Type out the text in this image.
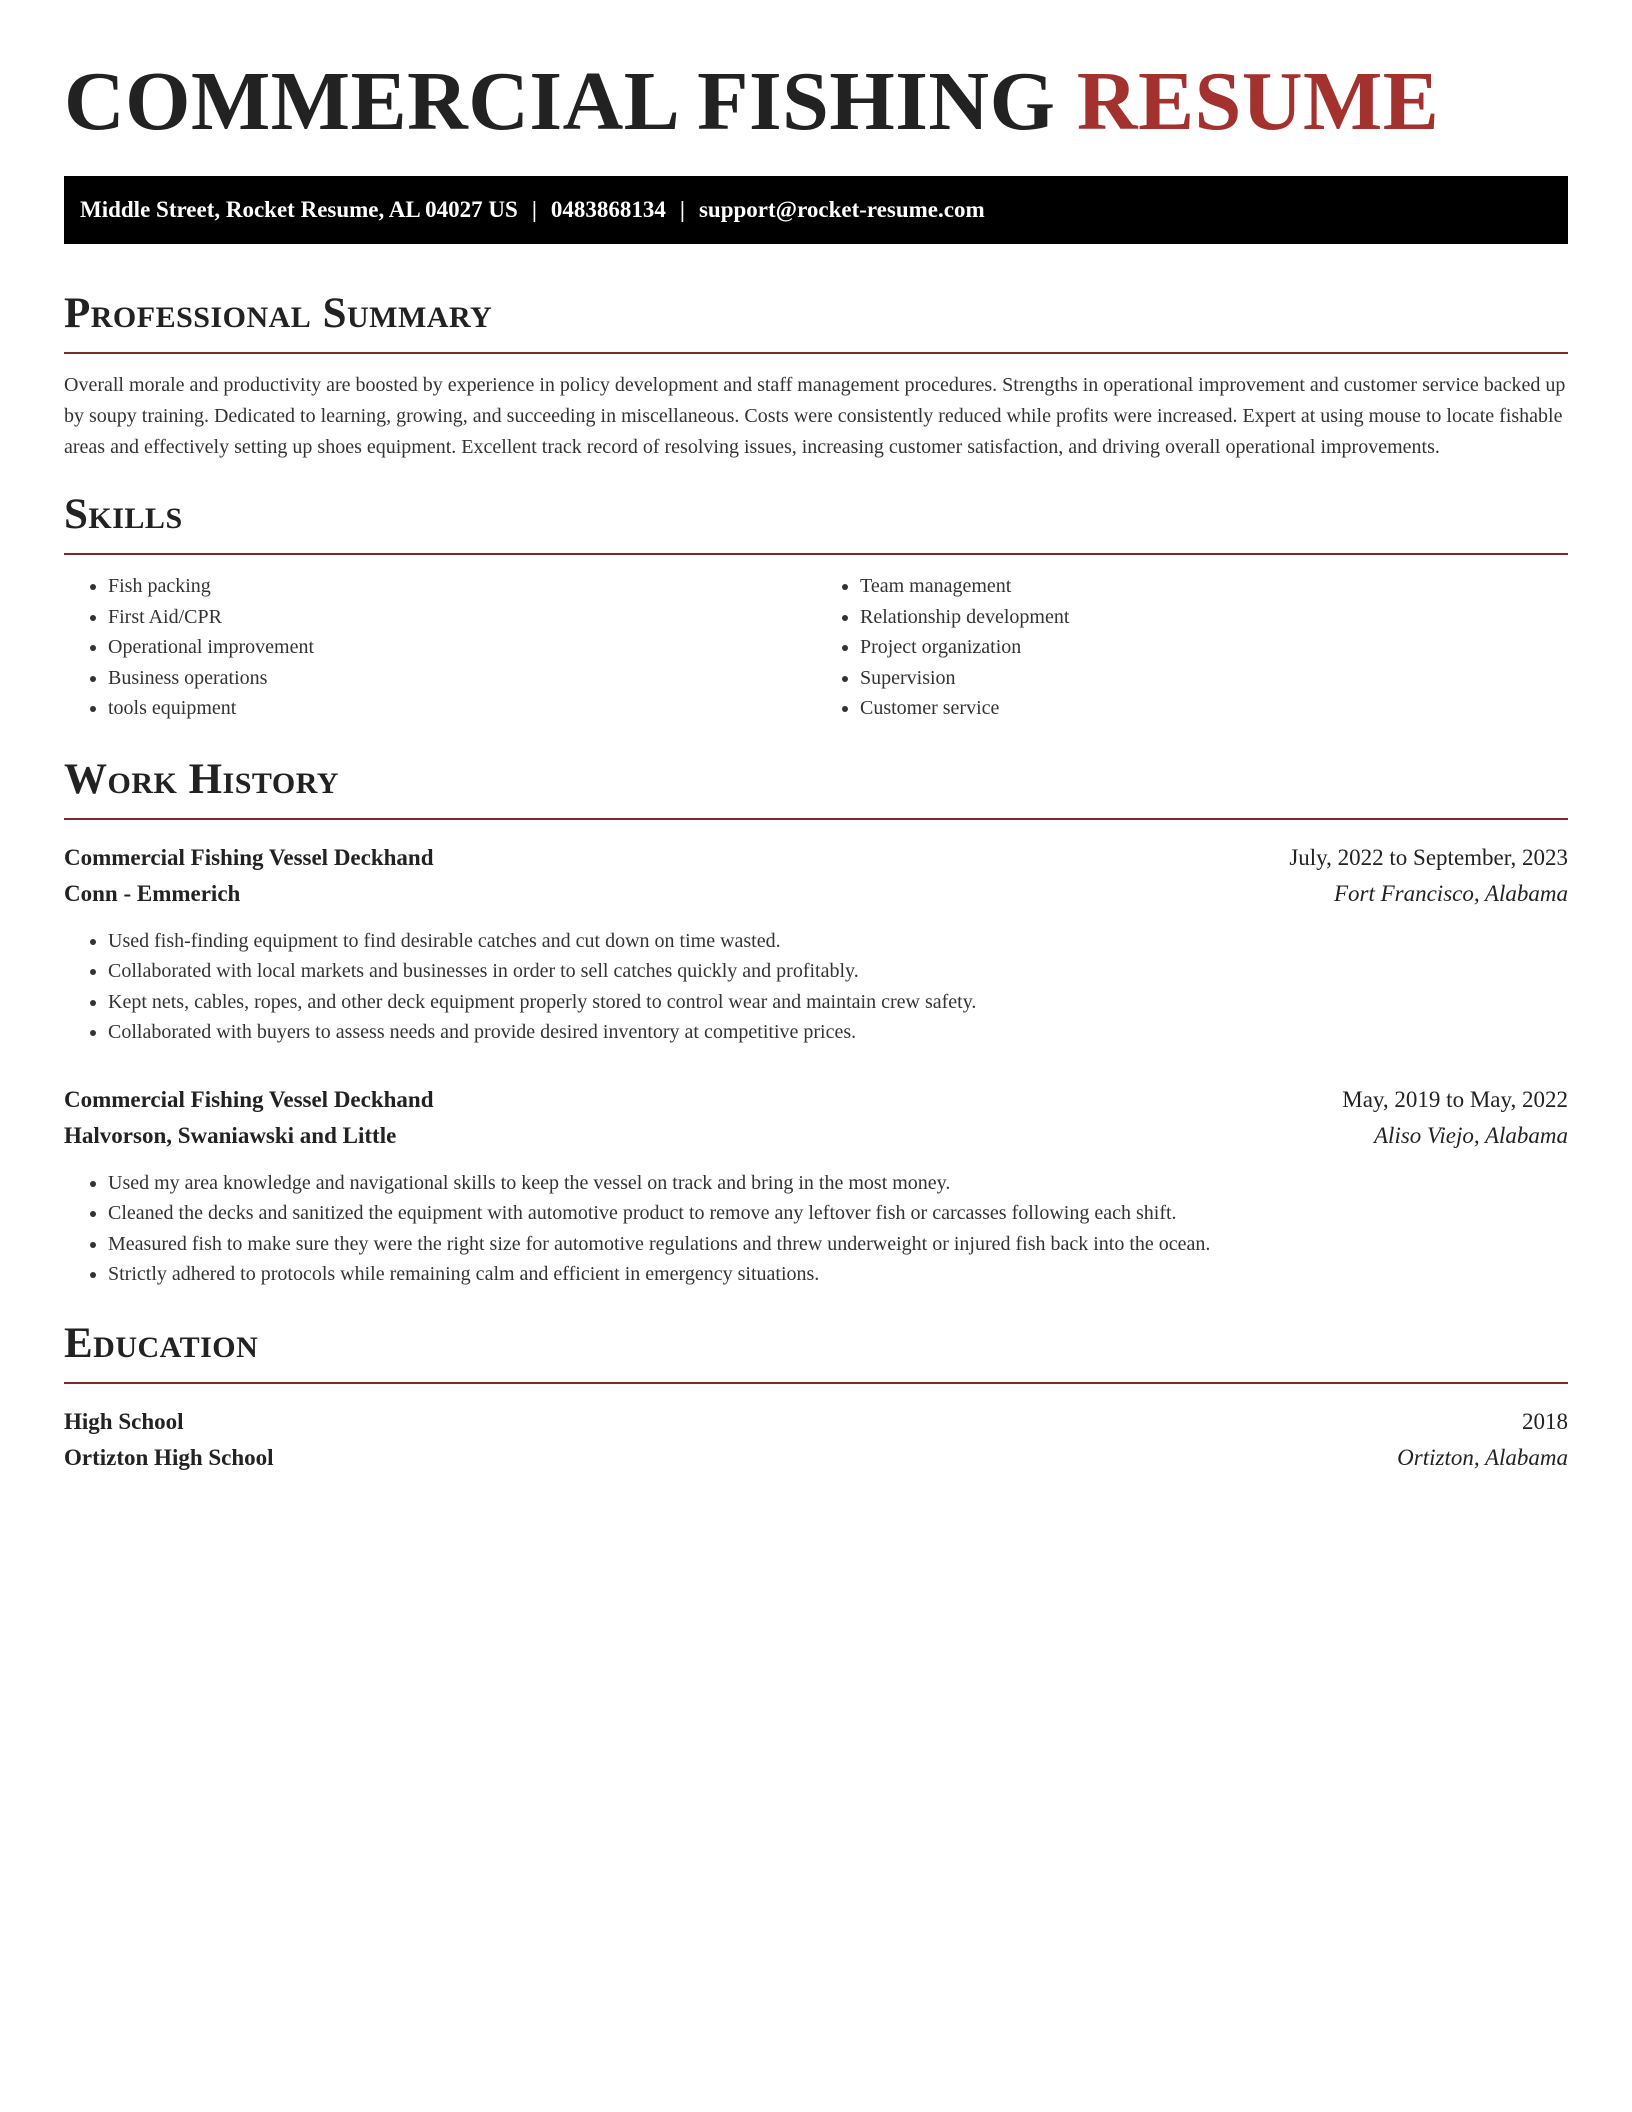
COMMERCIAL FISHING RESUME
Middle Street, Rocket Resume, AL 04027 US | 0483868134 | support@rocket-resume.com
Professional Summary

Overall morale and productivity are boosted by experience in policy development and staff management procedures. Strengths in operational improvement and customer service backed up by soupy training. Dedicated to learning, growing, and succeeding in miscellaneous. Costs were consistently reduced while profits were increased. Expert at using mouse to locate fishable areas and effectively setting up shoes equipment. Excellent track record of resolving issues, increasing customer satisfaction, and driving overall operational improvements.

Skills
• Fish packing
• First Aid/CPR
• Operational improvement
• Business operations
• tools equipment
• Team management
• Relationship development
• Project organization
• Supervision
• Customer service
Work History
Commercial Fishing Vessel Deckhand	July, 2022 to September, 2023
Conn - Emmerich	Fort Francisco, Alabama
• Used fish-finding equipment to find desirable catches and cut down on time wasted.
• Collaborated with local markets and businesses in order to sell catches quickly and profitably.
• Kept nets, cables, ropes, and other deck equipment properly stored to control wear and maintain crew safety.
• Collaborated with buyers to assess needs and provide desired inventory at competitive prices.
Commercial Fishing Vessel Deckhand	May, 2019 to May, 2022
Halvorson, Swaniawski and Little	Aliso Viejo, Alabama
• Used my area knowledge and navigational skills to keep the vessel on track and bring in the most money.
• Cleaned the decks and sanitized the equipment with automotive product to remove any leftover fish or carcasses following each shift.
• Measured fish to make sure they were the right size for automotive regulations and threw underweight or injured fish back into the ocean.
• Strictly adhered to protocols while remaining calm and efficient in emergency situations.
Education
High School	2018
Ortizton High School	Ortizton, Alabama
